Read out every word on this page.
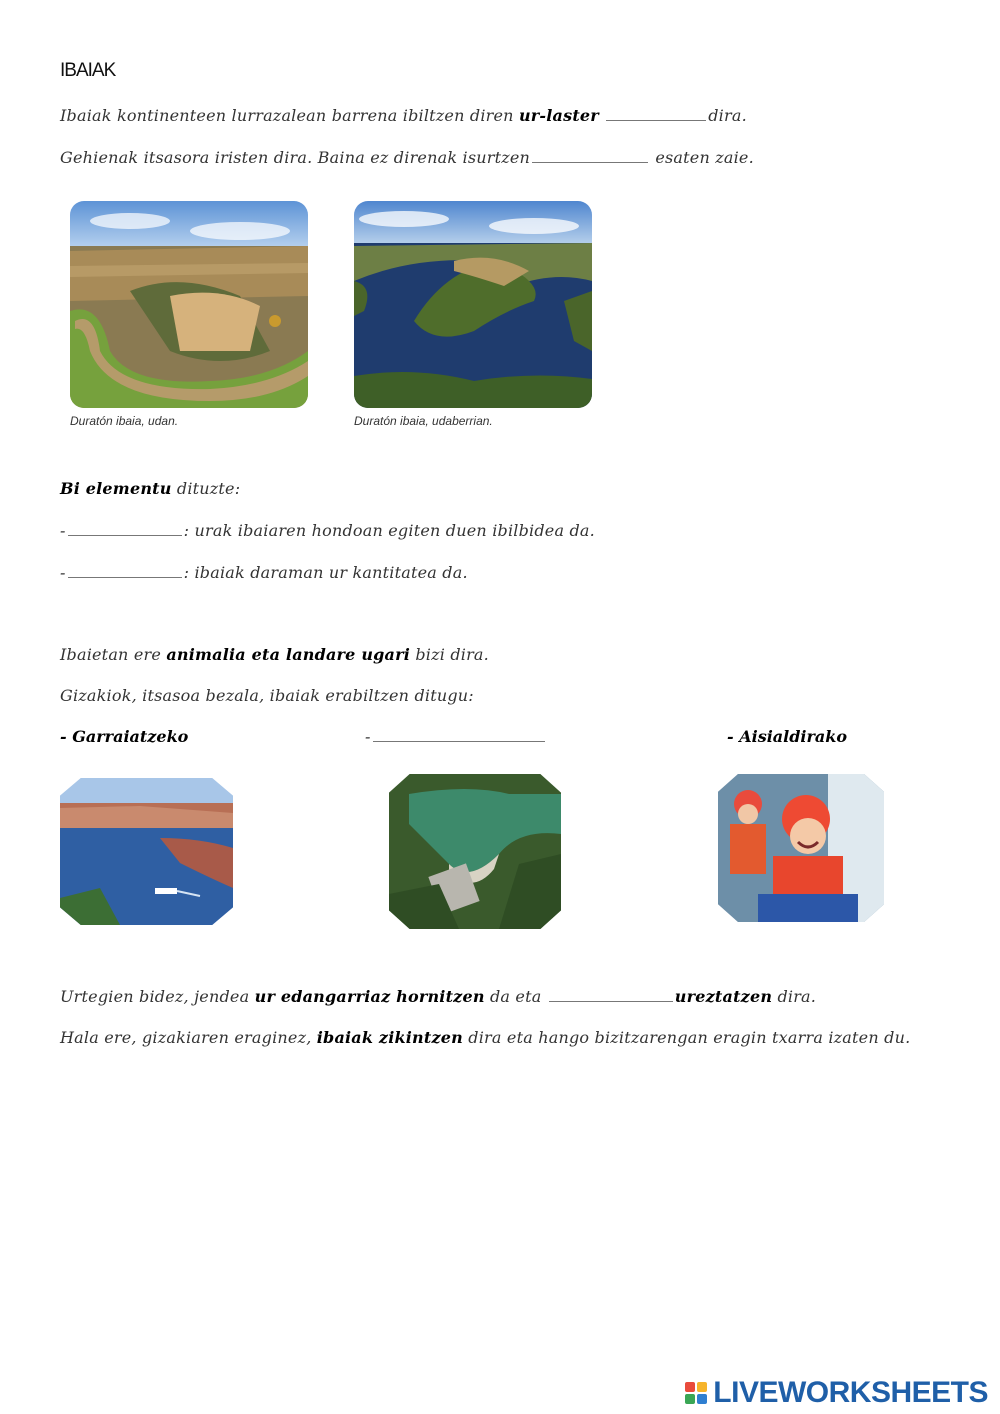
IBAIAK
Ibaiak kontinenteen lurrazalean barrena ibiltzen diren ur-laster	dira.
Gehienak itsasora iristen dira. Baina ez direnak isurtzen	esaten zaie.
Duratón ibaia, udan.	Duratón ibaia, udaberrian.
Bi elementu dituzte:
-	: urak ibaiaren hondoan egiten duen ibilbidea da.
-	: ibaiak daraman ur kantitatea da.
Ibaietan ere animalia eta landare ugari bizi dira.
Gizakiok, itsasoa bezala, ibaiak erabiltzen ditugu:
- Garraiatzeko	-	- Aisialdirako
Urtegien bidez, jendea ur edangarriaz hornitzen da eta	ureztatzen dira.
Hala ere, gizakiaren eraginez, ibaiak zikintzen dira eta hango bizitzarengan eragin txarra izaten du.
LIVEWORKSHEETS
